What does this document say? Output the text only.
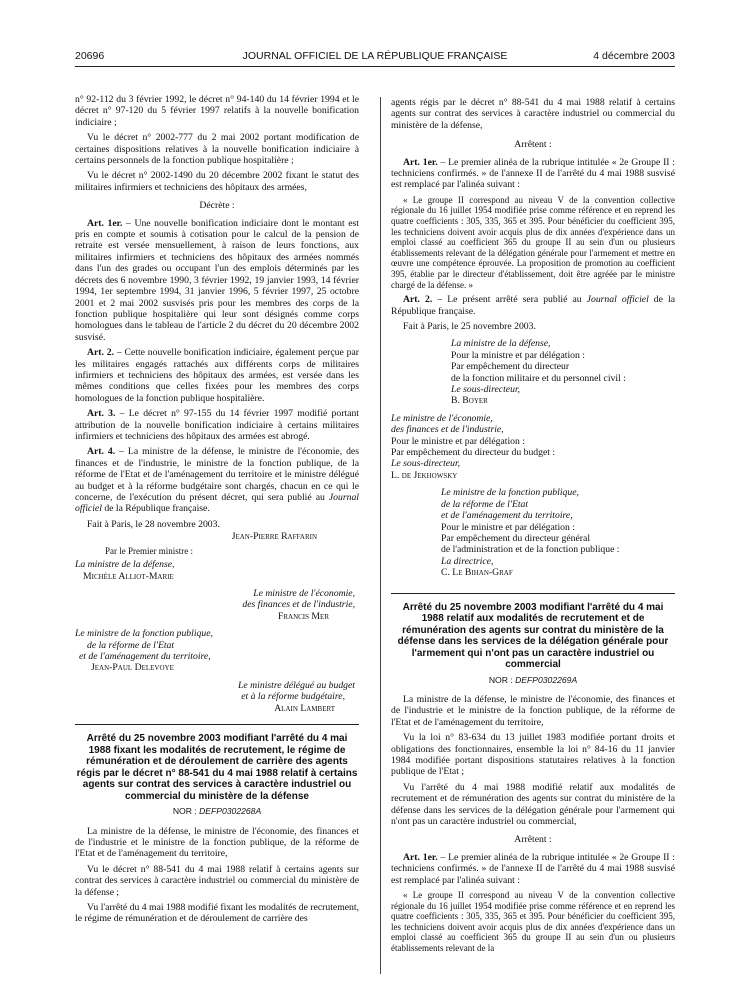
20696	JOURNAL OFFICIEL DE LA RÉPUBLIQUE FRANÇAISE	4 décembre 2003

n° 92-112 du 3 février 1992, le décret n° 94-140 du 14 février 1994 et le décret n° 97-120 du 5 février 1997 relatifs à la nouvelle bonification indiciaire ;

Vu le décret n° 2002-777 du 2 mai 2002 portant modification de certaines dispositions relatives à la nouvelle bonification indiciaire à certains personnels de la fonction publique hospitalière ;

Vu le décret n° 2002-1490 du 20 décembre 2002 fixant le statut des militaires infirmiers et techniciens des hôpitaux des armées,

Décrète :

Art. 1er. – Une nouvelle bonification indiciaire dont le montant est pris en compte et soumis à cotisation pour le calcul de la pension de retraite est versée mensuellement, à raison de leurs fonctions, aux militaires infirmiers et techniciens des hôpitaux des armées nommés dans l'un des grades ou occupant l'un des emplois déterminés par les décrets des 6 novembre 1990, 3 février 1992, 19 janvier 1993, 14 février 1994, 1er septembre 1994, 31 janvier 1996, 5 février 1997, 25 octobre 2001 et 2 mai 2002 susvisés pris pour les membres des corps de la fonction publique hospitalière qui leur sont désignés comme corps homologues dans le tableau de l'article 2 du décret du 20 décembre 2002 susvisé.

Art. 2. – Cette nouvelle bonification indiciaire, également perçue par les militaires engagés rattachés aux différents corps de militaires infirmiers et techniciens des hôpitaux des armées, est versée dans les mêmes conditions que celles fixées pour les membres des corps homologues de la fonction publique hospitalière.

Art. 3. – Le décret n° 97-155 du 14 février 1997 modifié portant attribution de la nouvelle bonification indiciaire à certains militaires infirmiers et techniciens des hôpitaux des armées est abrogé.

Art. 4. – La ministre de la défense, le ministre de l'économie, des finances et de l'industrie, le ministre de la fonction publique, de la réforme de l'Etat et de l'aménagement du territoire et le ministre délégué au budget et à la réforme budgétaire sont chargés, chacun en ce qui le concerne, de l'exécution du présent décret, qui sera publié au Journal officiel de la République française.

Fait à Paris, le 28 novembre 2003.

Jean-Pierre Raffarin

Par le Premier ministre :

La ministre de la défense,

Michèle Alliot-Marie

Le ministre de l'économie,

des finances et de l'industrie,

Francis Mer

Le ministre de la fonction publique,

de la réforme de l'Etat

et de l'aménagement du territoire,

Jean-Paul Delevoye

Le ministre délégué au budget

et à la réforme budgétaire,

Alain Lambert

Arrêté du 25 novembre 2003 modifiant l'arrêté du 4 mai 1988 fixant les modalités de recrutement, le régime de rémunération et de déroulement de carrière des agents régis par le décret n° 88-541 du 4 mai 1988 relatif à certains agents sur contrat des services à caractère industriel ou commercial du ministère de la défense
NOR : DEFP0302268A

La ministre de la défense, le ministre de l'économie, des finances et de l'industrie et le ministre de la fonction publique, de la réforme de l'Etat et de l'aménagement du territoire,

Vu le décret n° 88-541 du 4 mai 1988 relatif à certains agents sur contrat des services à caractère industriel ou commercial du ministère de la défense ;

Vu l'arrêté du 4 mai 1988 modifié fixant les modalités de recrutement, le régime de rémunération et de déroulement de carrière des

agents régis par le décret n° 88-541 du 4 mai 1988 relatif à certains agents sur contrat des services à caractère industriel ou commercial du ministère de la défense,

Arrêtent :

Art. 1er. – Le premier alinéa de la rubrique intitulée « 2e Groupe II : techniciens confirmés. » de l'annexe II de l'arrêté du 4 mai 1988 susvisé est remplacé par l'alinéa suivant :

« Le groupe II correspond au niveau V de la convention collective régionale du 16 juillet 1954 modifiée prise comme référence et en reprend les quatre coefficients : 305, 335, 365 et 395. Pour bénéficier du coefficient 395, les techniciens doivent avoir acquis plus de dix années d'expérience dans un emploi classé au coefficient 365 du groupe II au sein d'un ou plusieurs établissements relevant de la délégation générale pour l'armement et mettre en œuvre une compétence éprouvée. La proposition de promotion au coefficient 395, établie par le directeur d'établissement, doit être agréée par le ministre chargé de la défense. »

Art. 2. – Le présent arrêté sera publié au Journal officiel de la République française.

Fait à Paris, le 25 novembre 2003.

La ministre de la défense,

Pour la ministre et par délégation :

Par empêchement du directeur

de la fonction militaire et du personnel civil :

Le sous-directeur,

B. Boyer

Le ministre de l'économie,

des finances et de l'industrie,

Pour le ministre et par délégation :

Par empêchement du directeur du budget :

Le sous-directeur,

L. de Jekhowsky

Le ministre de la fonction publique,

de la réforme de l'Etat

et de l'aménagement du territoire,

Pour le ministre et par délégation :

Par empêchement du directeur général

de l'administration et de la fonction publique :

La directrice,

C. Le Bihan-Graf

Arrêté du 25 novembre 2003 modifiant l'arrêté du 4 mai 1988 relatif aux modalités de recrutement et de rémunération des agents sur contrat du ministère de la défense dans les services de la délégation générale pour l'armement qui n'ont pas un caractère industriel ou commercial
NOR : DEFP0302269A

La ministre de la défense, le ministre de l'économie, des finances et de l'industrie et le ministre de la fonction publique, de la réforme de l'Etat et de l'aménagement du territoire,

Vu la loi n° 83-634 du 13 juillet 1983 modifiée portant droits et obligations des fonctionnaires, ensemble la loi n° 84-16 du 11 janvier 1984 modifiée portant dispositions statutaires relatives à la fonction publique de l'Etat ;

Vu l'arrêté du 4 mai 1988 modifié relatif aux modalités de recrutement et de rémunération des agents sur contrat du ministère de la défense dans les services de la délégation générale pour l'armement qui n'ont pas un caractère industriel ou commercial,

Arrêtent :

Art. 1er. – Le premier alinéa de la rubrique intitulée « 2e Groupe II : techniciens confirmés. » de l'annexe II de l'arrêté du 4 mai 1988 susvisé est remplacé par l'alinéa suivant :

« Le groupe II correspond au niveau V de la convention collective régionale du 16 juillet 1954 modifiée prise comme référence et en reprend les quatre coefficients : 305, 335, 365 et 395. Pour bénéficier du coefficient 395, les techniciens doivent avoir acquis plus de dix années d'expérience dans un emploi classé au coefficient 365 du groupe II au sein d'un ou plusieurs établissements relevant de la
